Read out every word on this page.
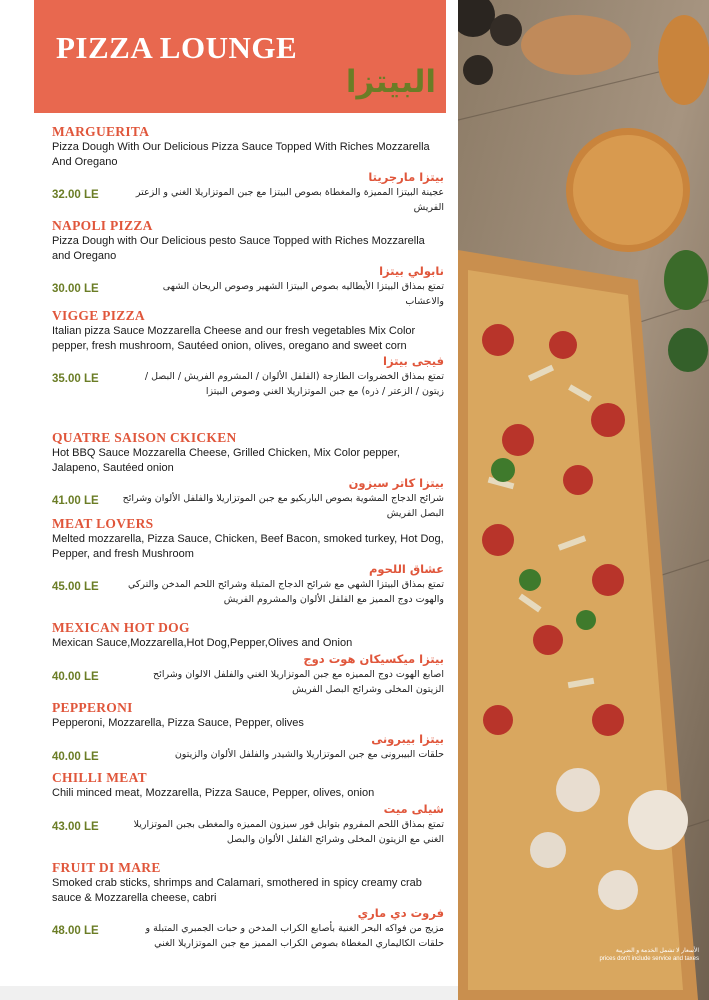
PIZZA LOUNGE
البيتزا
MARGUERITA
Pizza Dough With Our Delicious Pizza Sauce Topped With Riches Mozzarella And Oregano
بيتزا مارجريتا
عجينة البيتزا المميزة والمغطاة بصوص البيتزا مع جبن الموتزاريلا الغني و الزعتر الفريش
32.00 LE
NAPOLI PIZZA
Pizza Dough with Our Delicious pesto Sauce Topped with Riches Mozzarella and Oregano
نابولي بيتزا
تمتع بمذاق البيتزا الأيطاليه بصوص البيتزا الشهير وصوص الريحان الشهى والاعشاب
30.00 LE
VIGGE PIZZA
Italian pizza Sauce Mozzarella Cheese and our fresh vegetables Mix Color pepper, fresh mushroom, Sautéed onion, olives, oregano and sweet corn
فيجى بيتزا
تمتع بمذاق الخضروات الطازجة (الفلفل الألوان / المشروم الفريش / البصل / زيتون / الزعتر / ذره) مع جبن الموتزاريلا الغني وصوص البيتزا
35.00 LE
QUATRE SAISON CKICKEN
Hot BBQ Sauce Mozzarella Cheese, Grilled Chicken, Mix Color pepper, Jalapeno, Sautéed onion
بيتزا كاتر سيزون
شرائح الدجاج المشوية بصوص الباربكيو مع جبن الموتزاريلا والفلفل الألوان وشرائح البصل الفريش
41.00 LE
MEAT LOVERS
Melted mozzarella, Pizza Sauce, Chicken, Beef Bacon, smoked turkey, Hot Dog, Pepper, and fresh Mushroom
عشاق اللحوم
تمتع بمذاق البيتزا الشهي مع شرائح الدجاج المتبلة وشرائح اللحم المدخن والتركي والهوت دوج المميز مع الفلفل الألوان والمشروم الفريش
45.00 LE
MEXICAN HOT DOG
Mexican Sauce,Mozzarella,Hot Dog,Pepper,Olives and Onion
بيتزا ميكسيكان هوت دوج
اصابع الهوت دوج المميزه مع جبن الموتزاريلا الغني والفلفل الالوان وشرائح الزيتون المخلى وشرائح البصل الفريش
40.00 LE
PEPPERONI
Pepperoni, Mozzarella, Pizza Sauce, Pepper, olives
بيتزا بيبرونى
حلقات البيبرونى مع جبن الموتزاريلا والشيدر والفلفل الألوان والزيتون
40.00 LE
CHILLI MEAT
Chili minced meat, Mozzarella, Pizza Sauce, Pepper, olives, onion
شيلى ميت
تمتع بمذاق اللحم المفروم بتوابل فور سيزون المميزه والمغطى بجبن الموتزاريلا الغني مع الزيتون المخلى وشرائح الفلفل الألوان والبصل
43.00 LE
FRUIT DI MARE
Smoked crab sticks, shrimps and Calamari, smothered in spicy creamy crab sauce & Mozzarella cheese, cabri
فروت دي ماري
مزيج من فواكه البحر الغنية بأصابع الكراب المدخن و حبات الجمبري المتبلة و حلقات الكاليماري المغطاة بصوص الكراب المميز مع جبن الموتزاريلا الغني
48.00 LE
الأسعار لا تشمل الخدمة و الضريبة
prices don't include service and taxes
